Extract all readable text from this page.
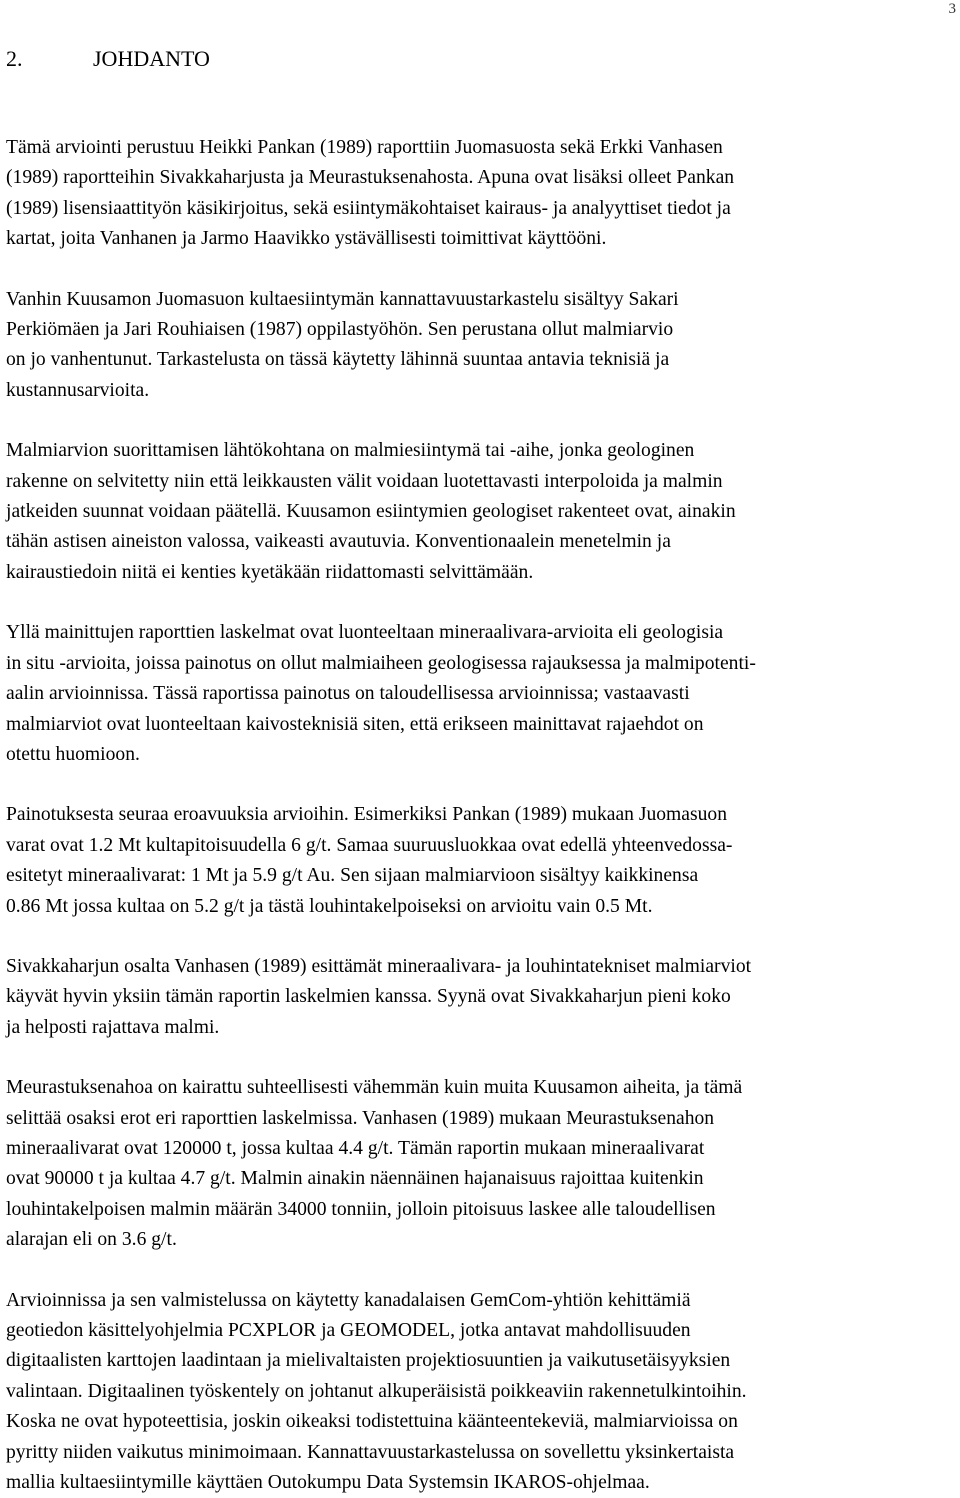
3
2.	JOHDANTO

Tämä arviointi perustuu Heikki Pankan (1989) raporttiin Juomasuosta sekä Erkki Vanhasen
(1989) raportteihin Sivakkaharjusta ja Meurastuksenahosta. Apuna ovat lisäksi olleet Pankan
(1989) lisensiaattityön käsikirjoitus, sekä esiintymäkohtaiset kairaus- ja analyyttiset tiedot ja
kartat, joita Vanhanen ja Jarmo Haavikko ystävällisesti toimittivat käyttööni.

Vanhin Kuusamon Juomasuon kultaesiintymän kannattavuustarkastelu sisältyy Sakari
Perkiömäen ja Jari Rouhiaisen (1987) oppilastyöhön. Sen perustana ollut malmiarvio
on jo vanhentunut. Tarkastelusta on tässä käytetty lähinnä suuntaa antavia teknisiä ja
kustannusarvioita.

Malmiarvion suorittamisen lähtökohtana on malmiesiintymä tai -aihe, jonka geologinen
rakenne on selvitetty niin että leikkausten välit voidaan luotettavasti interpoloida ja malmin
jatkeiden suunnat voidaan päätellä. Kuusamon esiintymien geologiset rakenteet ovat, ainakin
tähän astisen aineiston valossa, vaikeasti avautuvia. Konventionaalein menetelmin ja
kairaustiedoin niitä ei kenties kyetäkään riidattomasti selvittämään.

Yllä mainittujen raporttien laskelmat ovat luonteeltaan mineraalivara-arvioita eli geologisia
in situ -arvioita, joissa painotus on ollut malmiaiheen geologisessa rajauksessa ja malmipotenti-
aalin arvioinnissa. Tässä raportissa painotus on taloudellisessa arvioinnissa; vastaavasti
malmiarviot ovat luonteeltaan kaivosteknisiä siten, että erikseen mainittavat rajaehdot on
otettu huomioon.

Painotuksesta seuraa eroavuuksia arvioihin. Esimerkiksi Pankan (1989) mukaan Juomasuon
varat ovat 1.2 Mt kultapitoisuudella 6 g/t. Samaa suuruusluokkaa ovat edellä yhteenvedossa-
esitetyt mineraalivarat: 1 Mt ja 5.9 g/t Au. Sen sijaan malmiarvioon sisältyy kaikkinensa
0.86 Mt jossa kultaa on 5.2 g/t ja tästä louhintakelpoiseksi on arvioitu vain 0.5 Mt.

Sivakkaharjun osalta Vanhasen (1989) esittämät mineraalivara- ja louhintatekniset malmiarviot
käyvät hyvin yksiin tämän raportin laskelmien kanssa. Syynä ovat Sivakkaharjun pieni koko
ja helposti rajattava malmi.

Meurastuksenahoa on kairattu suhteellisesti vähemmän kuin muita Kuusamon aiheita, ja tämä
selittää osaksi erot eri raporttien laskelmissa. Vanhasen (1989) mukaan Meurastuksenahon
mineraalivarat ovat 120000 t, jossa kultaa 4.4 g/t. Tämän raportin mukaan mineraalivarat
ovat 90000 t ja kultaa 4.7 g/t. Malmin ainakin näennäinen hajanaisuus rajoittaa kuitenkin
louhintakelpoisen malmin määrän 34000 tonniin, jolloin pitoisuus laskee alle taloudellisen
alarajan eli on 3.6 g/t.

Arvioinnissa ja sen valmistelussa on käytetty kanadalaisen GemCom-yhtiön kehittämiä
geotiedon käsittelyohjelmia PCXPLOR ja GEOMODEL, jotka antavat mahdollisuuden
digitaalisten karttojen laadintaan ja mielivaltaisten projektiosuuntien ja vaikutusetäisyyksien
valintaan. Digitaalinen työskentely on johtanut alkuperäisistä poikkeaviin rakennetulkintoihin.
Koska ne ovat hypoteettisia, joskin oikeaksi todistettuina käänteentekeviä, malmiarvioissa on
pyritty niiden vaikutus minimoimaan. Kannattavuustarkastelussa on sovellettu yksinkertaista
mallia kultaesiintymille käyttäen Outokumpu Data Systemsin IKAROS-ohjelmaa.
